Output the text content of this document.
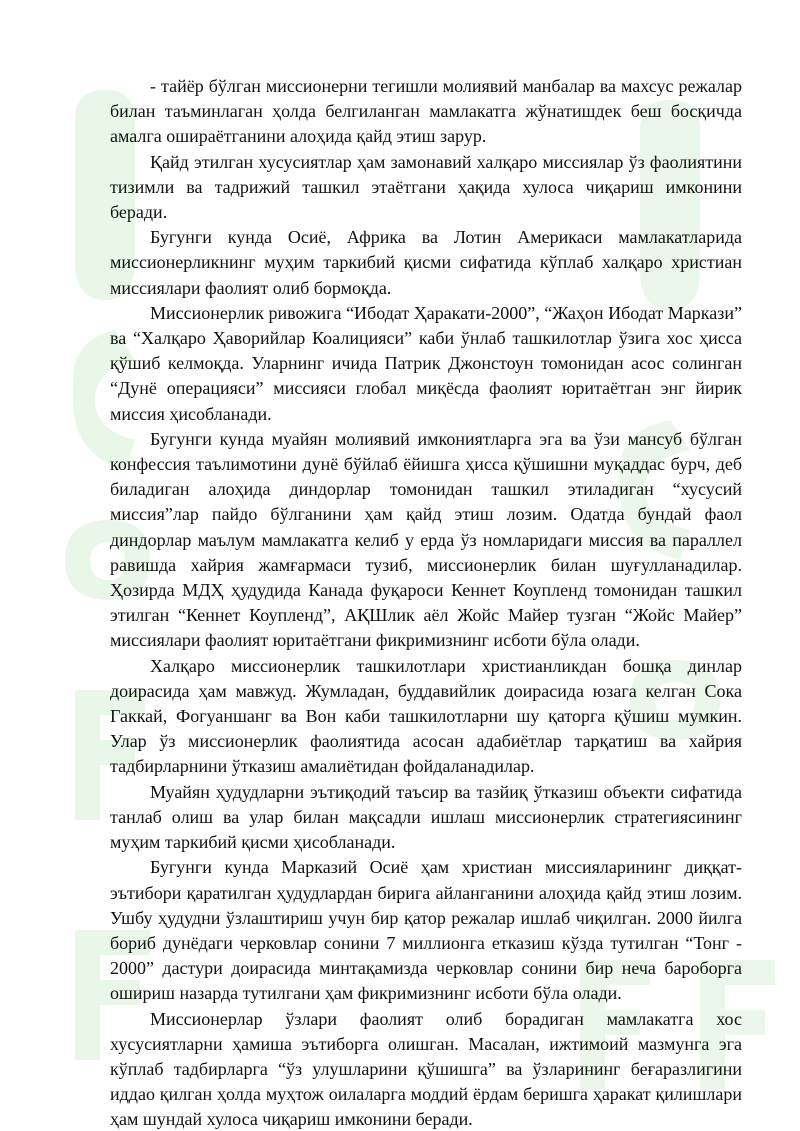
- тайёр бўлган миссионерни тегишли молиявий манбалар ва махсус режалар билан таъминлаган ҳолда белгиланган мамлакатга жўнатишдек беш босқичда амалга ошираётганини алоҳида қайд этиш зарур.

Қайд этилган хусусиятлар ҳам замонавий халқаро миссиялар ўз фаолиятини тизимли ва тадрижий ташкил этаётгани ҳақида хулоса чиқариш имконини беради.

Бугунги кунда Осиё, Африка ва Лотин Америкаси мамлакатларида миссионерликнинг муҳим таркибий қисми сифатида кўплаб халқаро христиан миссиялари фаолият олиб бормоқда.

Миссионерлик ривожига “Ибодат Ҳаракати-2000”, “Жаҳон Ибодат Маркази” ва “Халқаро Ҳаворийлар Коалицияси” каби ўнлаб ташкилотлар ўзига хос ҳисса қўшиб келмоқда. Уларнинг ичида Патрик Джонстоун томонидан асос солинган “Дунё операцияси” миссияси глобал миқёсда фаолият юритаётган энг йирик миссия ҳисобланади.

Бугунги кунда муайян молиявий имкониятларга эга ва ўзи мансуб бўлган конфессия таълимотини дунё бўйлаб ёйишга ҳисса қўшишни муқаддас бурч, деб биладиган алоҳида диндорлар томонидан ташкил этиладиган “хусусий миссия”лар пайдо бўлганини ҳам қайд этиш лозим. Одатда бундай фаол диндорлар маълум мамлакатга келиб у ерда ўз номларидаги миссия ва параллел равишда хайрия жамғармаси тузиб, миссионерлик билан шуғулланадилар. Ҳозирда МДҲ ҳудудида Канада фуқароси Кеннет Коупленд томонидан ташкил этилган “Кеннет Коупленд”, АҚШлик аёл Жойс Майер тузган “Жойс Майер” миссиялари фаолият юритаётгани фикримизнинг исботи бўла олади.

Халқаро миссионерлик ташкилотлари христианликдан бошқа динлар доирасида ҳам мавжуд. Жумладан, буддавийлик доирасида юзага келган Сока Гаккай, Фогуаншанг ва Вон каби ташкилотларни шу қаторга қўшиш мумкин. Улар ўз миссионерлик фаолиятида асосан адабиётлар тарқатиш ва хайрия тадбирларнини ўтказиш амалиётидан фойдаланадилар.

Муайян ҳудудларни эътиқодий таъсир ва тазйиқ ўтказиш объекти сифатида танлаб олиш ва улар билан мақсадли ишлаш миссионерлик стратегиясининг муҳим таркибий қисми ҳисобланади.

Бугунги кунда Марказий Осиё ҳам христиан миссияларининг диққат-эътибори қаратилган ҳудудлардан бирига айланганини алоҳида қайд этиш лозим. Ушбу ҳудудни ўзлаштириш учун бир қатор режалар ишлаб чиқилган. 2000 йилга бориб дунёдаги черковлар сонини 7 миллионга етказиш кўзда тутилган “Тонг - 2000” дастури доирасида минтақамизда черковлар сонини бир неча бароборга ошириш назарда тутилгани ҳам фикримизнинг исботи бўла олади.

Миссионерлар ўзлари фаолият олиб борадиган мамлакатга хос хусусиятларни ҳамиша эътиборга олишган. Масалан, ижтимоий мазмунга эга кўплаб тадбирларга “ўз улушларини қўшишга” ва ўзларининг беғаразлигини иддао қилган ҳолда муҳтож оилаларга моддий ёрдам беришга ҳаракат қилишлари ҳам шундай хулоса чиқариш имконини беради.
